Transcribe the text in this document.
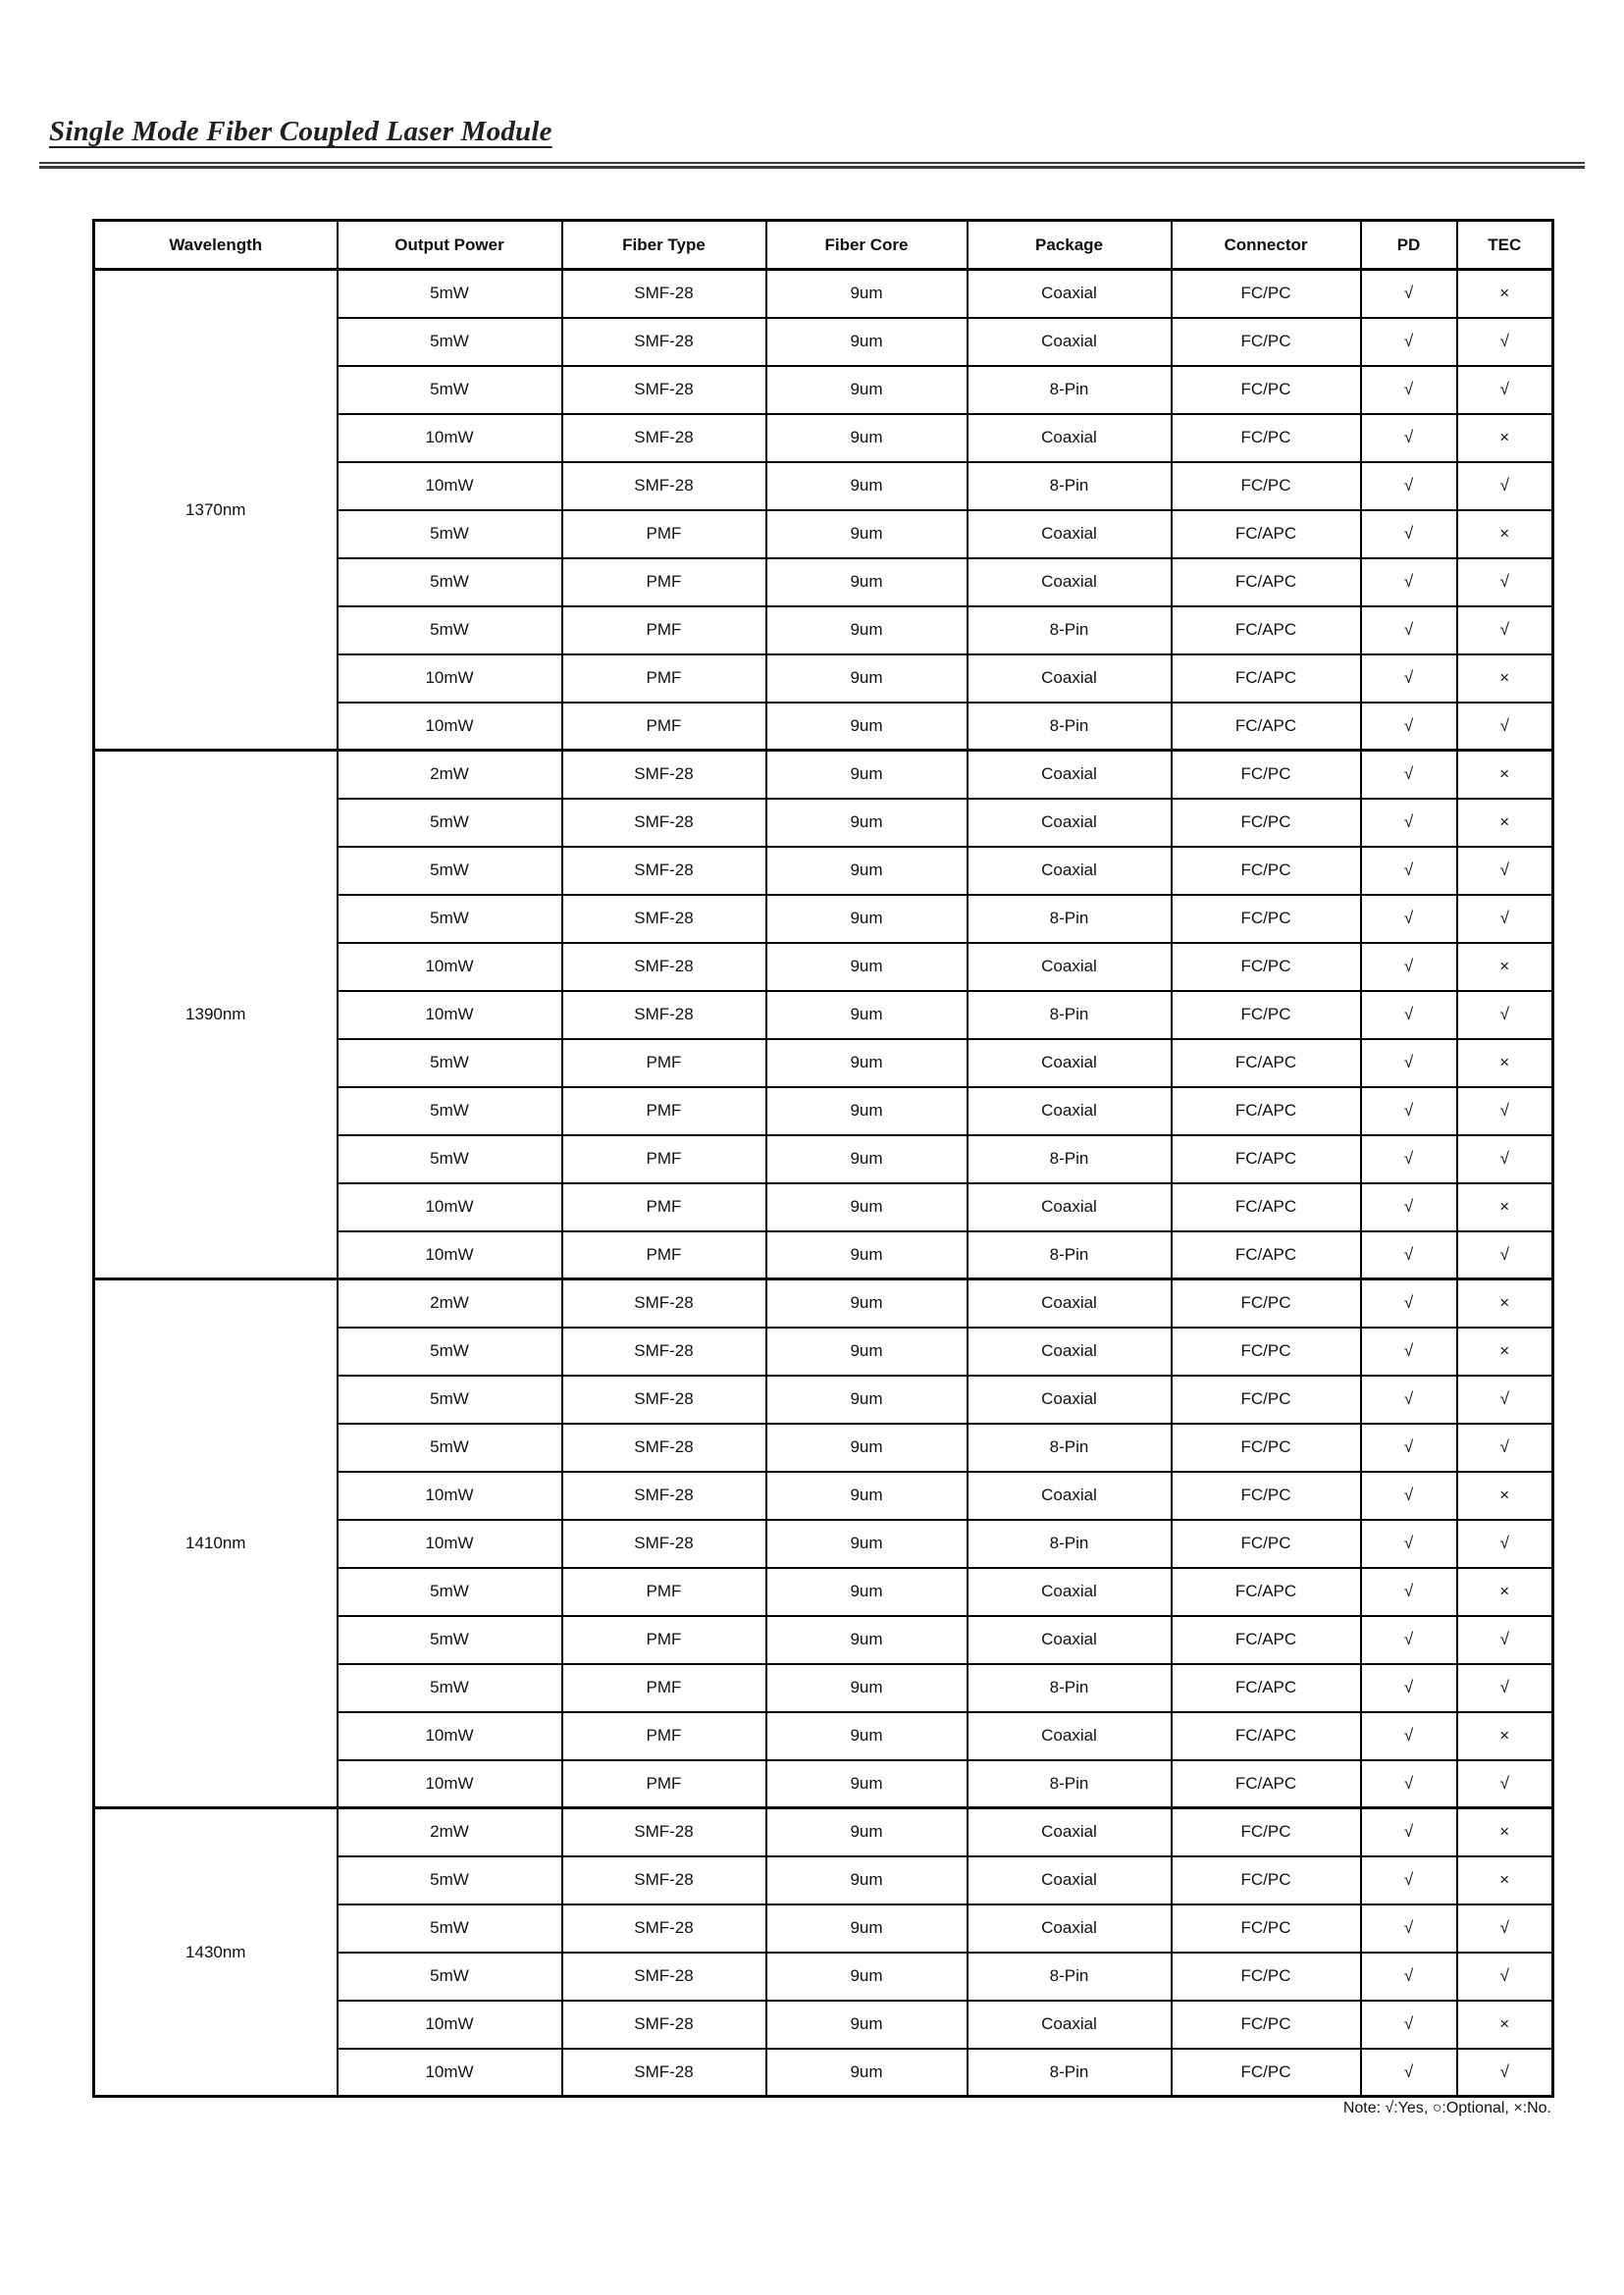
Single Mode Fiber Coupled Laser Module
Wavelength	Output Power	Fiber Type	Fiber Core	Package	Connector	PD	TEC
1370nm	5mW	SMF-28	9um	Coaxial	FC/PC	√	×
	5mW	SMF-28	9um	Coaxial	FC/PC	√	√
	5mW	SMF-28	9um	8-Pin	FC/PC	√	√
	10mW	SMF-28	9um	Coaxial	FC/PC	√	×
	10mW	SMF-28	9um	8-Pin	FC/PC	√	√
	5mW	PMF	9um	Coaxial	FC/APC	√	×
	5mW	PMF	9um	Coaxial	FC/APC	√	√
	5mW	PMF	9um	8-Pin	FC/APC	√	√
	10mW	PMF	9um	Coaxial	FC/APC	√	×
	10mW	PMF	9um	8-Pin	FC/APC	√	√
1390nm	2mW	SMF-28	9um	Coaxial	FC/PC	√	×
	5mW	SMF-28	9um	Coaxial	FC/PC	√	×
	5mW	SMF-28	9um	Coaxial	FC/PC	√	√
	5mW	SMF-28	9um	8-Pin	FC/PC	√	√
	10mW	SMF-28	9um	Coaxial	FC/PC	√	×
	10mW	SMF-28	9um	8-Pin	FC/PC	√	√
	5mW	PMF	9um	Coaxial	FC/APC	√	×
	5mW	PMF	9um	Coaxial	FC/APC	√	√
	5mW	PMF	9um	8-Pin	FC/APC	√	√
	10mW	PMF	9um	Coaxial	FC/APC	√	×
	10mW	PMF	9um	8-Pin	FC/APC	√	√
1410nm	2mW	SMF-28	9um	Coaxial	FC/PC	√	×
	5mW	SMF-28	9um	Coaxial	FC/PC	√	×
	5mW	SMF-28	9um	Coaxial	FC/PC	√	√
	5mW	SMF-28	9um	8-Pin	FC/PC	√	√
	10mW	SMF-28	9um	Coaxial	FC/PC	√	×
	10mW	SMF-28	9um	8-Pin	FC/PC	√	√
	5mW	PMF	9um	Coaxial	FC/APC	√	×
	5mW	PMF	9um	Coaxial	FC/APC	√	√
	5mW	PMF	9um	8-Pin	FC/APC	√	√
	10mW	PMF	9um	Coaxial	FC/APC	√	×
	10mW	PMF	9um	8-Pin	FC/APC	√	√
1430nm	2mW	SMF-28	9um	Coaxial	FC/PC	√	×
	5mW	SMF-28	9um	Coaxial	FC/PC	√	×
	5mW	SMF-28	9um	Coaxial	FC/PC	√	√
	5mW	SMF-28	9um	8-Pin	FC/PC	√	√
	10mW	SMF-28	9um	Coaxial	FC/PC	√	×
	10mW	SMF-28	9um	8-Pin	FC/PC	√	√
Note: √:Yes, ○:Optional, ×:No.
